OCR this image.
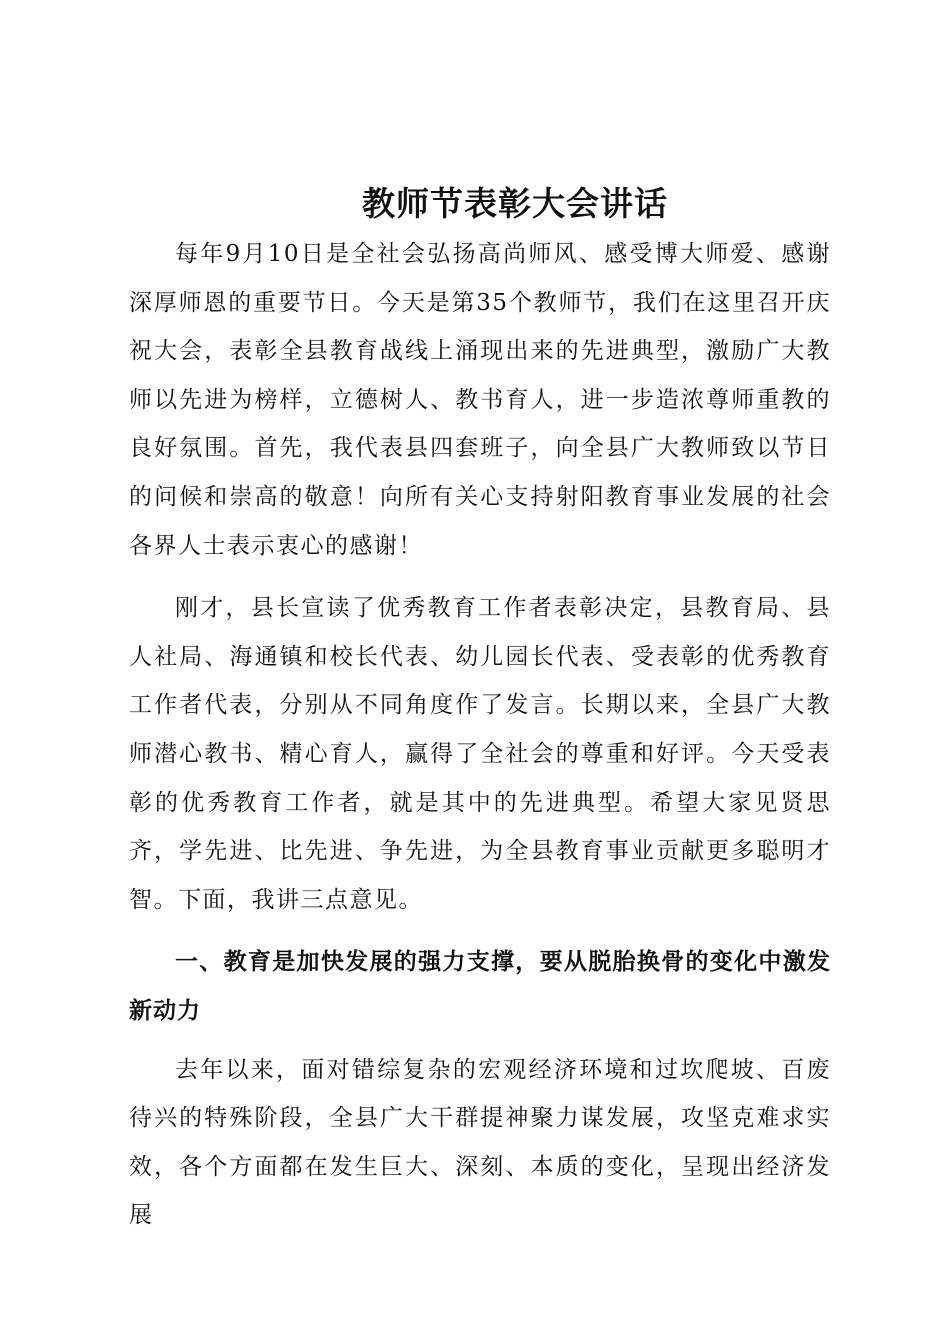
教师节表彰大会讲话

每年9月10日是全社会弘扬高尚师风、感受博大师爱、感谢深厚师恩的重要节日。今天是第35个教师节，我们在这里召开庆祝大会，表彰全县教育战线上涌现出来的先进典型，激励广大教师以先进为榜样，立德树人、教书育人，进一步造浓尊师重教的良好氛围。首先，我代表县四套班子，向全县广大教师致以节日的问候和崇高的敬意！向所有关心支持射阳教育事业发展的社会各界人士表示衷心的感谢！

刚才，县长宣读了优秀教育工作者表彰决定，县教育局、县人社局、海通镇和校长代表、幼儿园长代表、受表彰的优秀教育工作者代表，分别从不同角度作了发言。长期以来，全县广大教师潜心教书、精心育人，赢得了全社会的尊重和好评。今天受表彰的优秀教育工作者，就是其中的先进典型。希望大家见贤思齐，学先进、比先进、争先进，为全县教育事业贡献更多聪明才智。下面，我讲三点意见。

一、教育是加快发展的强力支撑，要从脱胎换骨的变化中激发新动力

去年以来，面对错综复杂的宏观经济环境和过坎爬坡、百废待兴的特殊阶段，全县广大干群提神聚力谋发展，攻坚克难求实效，各个方面都在发生巨大、深刻、本质的变化，呈现出经济发展
